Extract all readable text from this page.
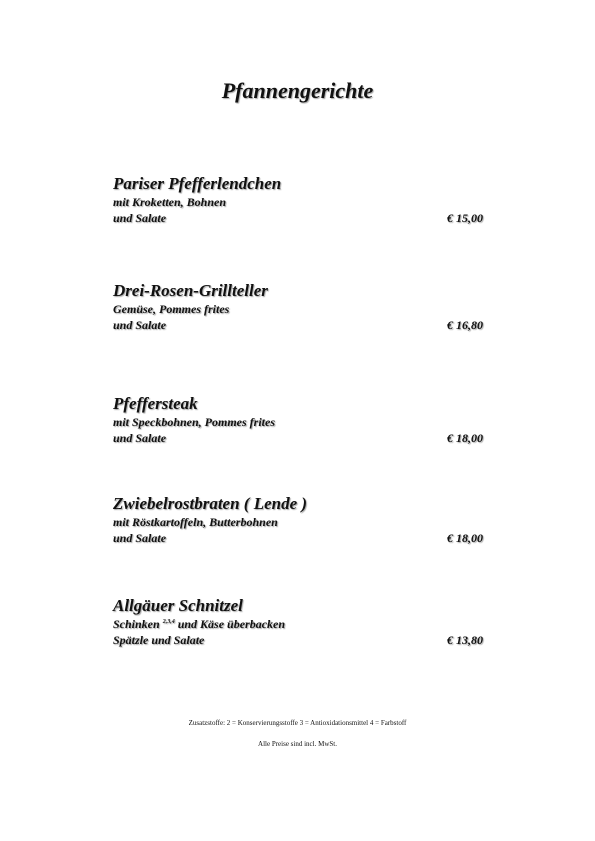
Pfannengerichte

Pariser Pfefferlendchen

mit Kroketten, Bohnen

und Salate	€ 15,00

Drei-Rosen-Grillteller

Gemüse, Pommes frites

und Salate	€ 16,80

Pfeffersteak

mit Speckbohnen, Pommes frites

und Salate	€ 18,00

Zwiebelrostbraten ( Lende )

mit Röstkartoffeln, Butterbohnen

und Salate	€ 18,00

Allgäuer Schnitzel

Schinken $^{2,3,4}$ und Käse überbacken

Spätzle und Salate	€ 13,80
Zusatzstoffe: 2 = Konservierungsstoffe 3 = Antioxidationsmittel 4 = Farbstoff
Alle Preise sind incl. MwSt.
